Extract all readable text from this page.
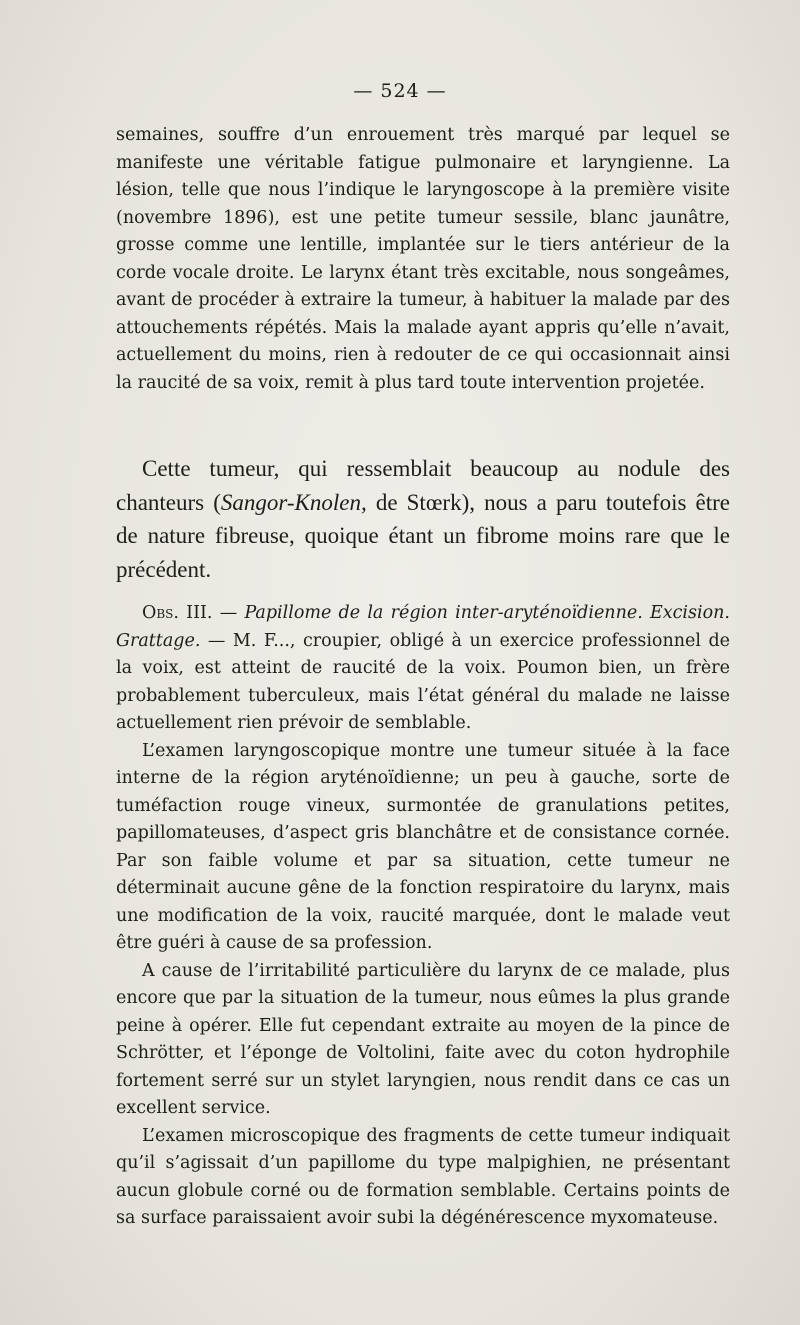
— 524 —

semaines, souffre d’un enrouement très marqué par lequel se manifeste une véritable fatigue pulmonaire et laryngienne. La lésion, telle que nous l’indique le laryngoscope à la première visite (novembre 1896), est une petite tumeur sessile, blanc jaunâtre, grosse comme une lentille, implantée sur le tiers antérieur de la corde vocale droite. Le larynx étant très excitable, nous songeâmes, avant de procéder à extraire la tumeur, à habituer la malade par des attouchements répétés. Mais la malade ayant appris qu’elle n’avait, actuellement du moins, rien à redouter de ce qui occasionnait ainsi la raucité de sa voix, remit à plus tard toute intervention projetée.

Cette tumeur, qui ressemblait beaucoup au nodule des chanteurs (Sangor-Knolen, de Stœrk), nous a paru toutefois être de nature fibreuse, quoique étant un fibrome moins rare que le précédent.

Obs. III. — Papillome de la région inter-aryténoïdienne. Excision. Grattage. — M. F..., croupier, obligé à un exercice professionnel de la voix, est atteint de raucité de la voix. Poumon bien, un frère probablement tuberculeux, mais l’état général du malade ne laisse actuellement rien prévoir de semblable.

L’examen laryngoscopique montre une tumeur située à la face interne de la région aryténoïdienne; un peu à gauche, sorte de tuméfaction rouge vineux, surmontée de granulations petites, papillomateuses, d’aspect gris blanchâtre et de consistance cornée. Par son faible volume et par sa situation, cette tumeur ne déterminait aucune gêne de la fonction respiratoire du larynx, mais une modification de la voix, raucité marquée, dont le malade veut être guéri à cause de sa profession.

A cause de l’irritabilité particulière du larynx de ce malade, plus encore que par la situation de la tumeur, nous eûmes la plus grande peine à opérer. Elle fut cependant extraite au moyen de la pince de Schrötter, et l’éponge de Voltolini, faite avec du coton hydrophile fortement serré sur un stylet laryngien, nous rendit dans ce cas un excellent service.

L’examen microscopique des fragments de cette tumeur indiquait qu’il s’agissait d’un papillome du type malpighien, ne présentant aucun globule corné ou de formation semblable. Certains points de sa surface paraissaient avoir subi la dégénérescence myxomateuse.
